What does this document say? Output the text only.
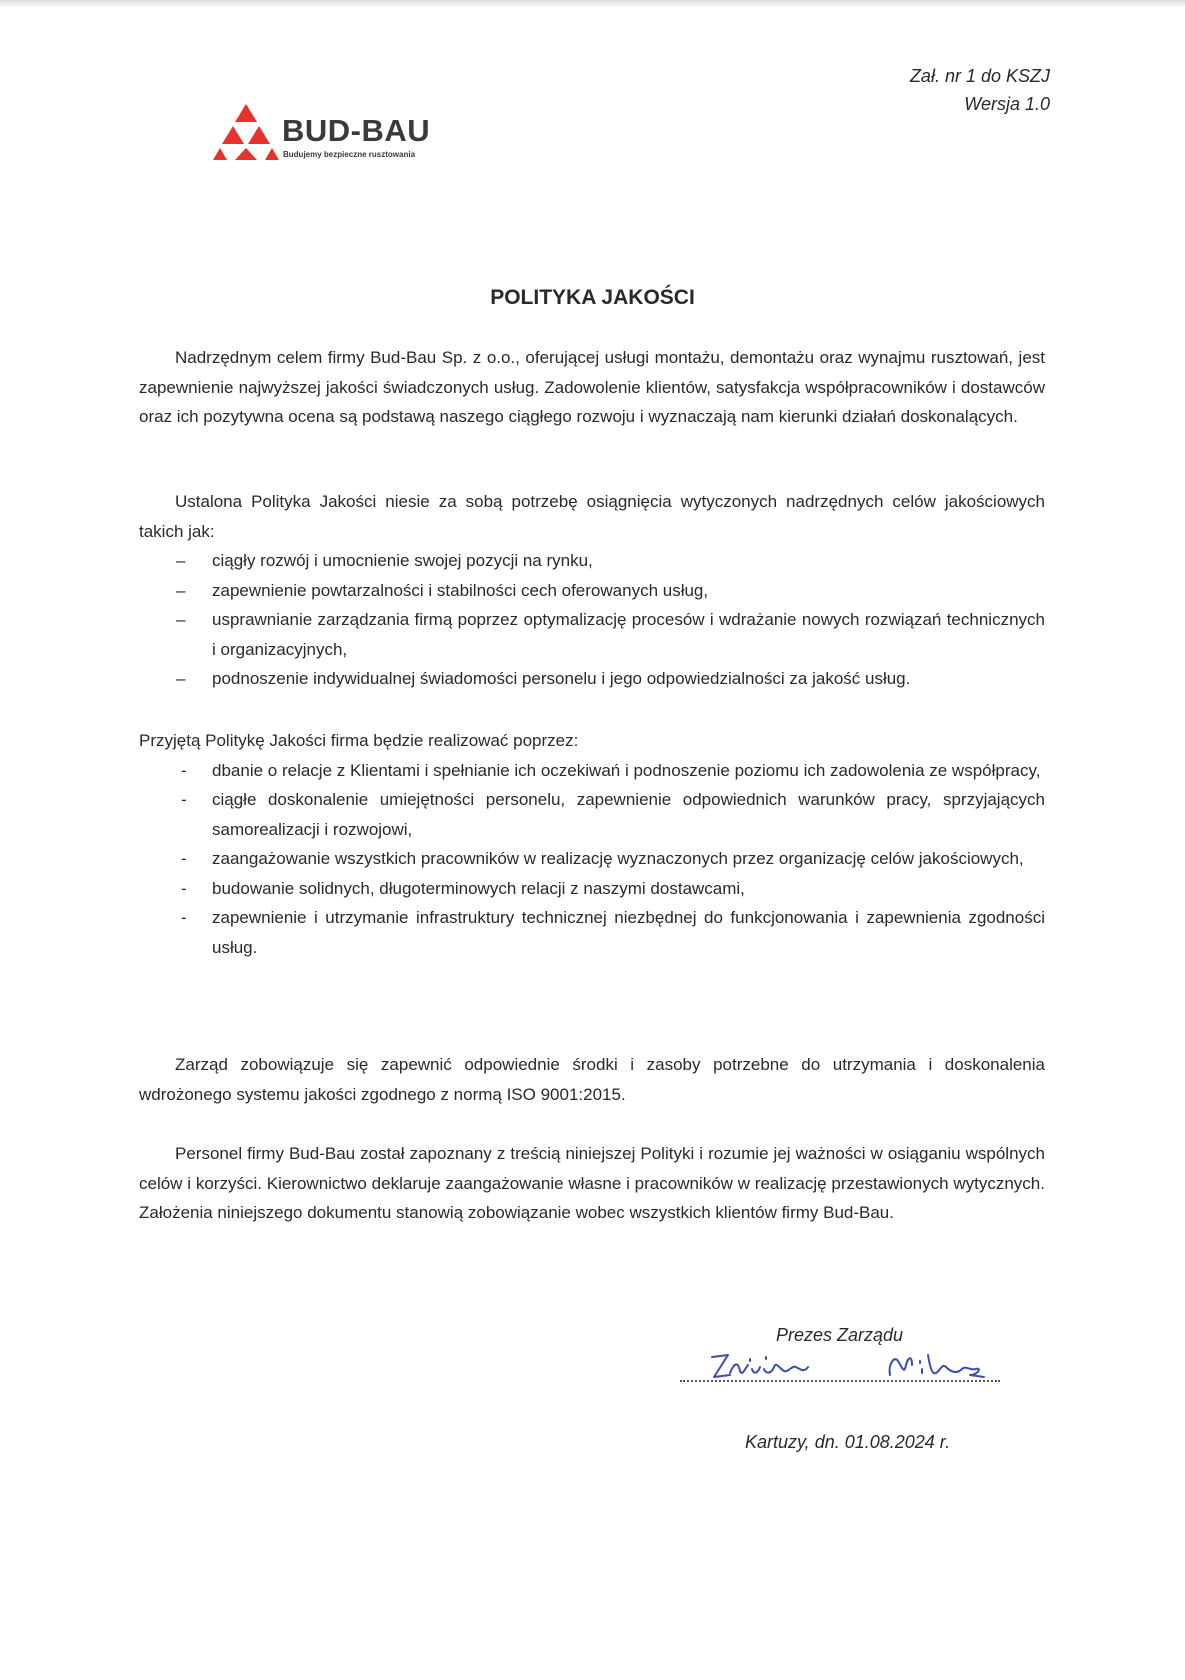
Zał. nr 1 do KSZJ
Wersja 1.0
BUD-BAU
Budujemy bezpieczne rusztowania
POLITYKA JAKOŚCI

Nadrzędnym celem firmy Bud-Bau Sp. z o.o., oferującej usługi montażu, demontażu oraz wynajmu rusztowań, jest zapewnienie najwyższej jakości świadczonych usług. Zadowolenie klientów, satysfakcja współpracowników i dostawców oraz ich pozytywna ocena są podstawą naszego ciągłego rozwoju i wyznaczają nam kierunki działań doskonalących.

Ustalona Polityka Jakości niesie za sobą potrzebę osiągnięcia wytyczonych nadrzędnych celów jakościowych takich jak:

– ciągły rozwój i umocnienie swojej pozycji na rynku,
– zapewnienie powtarzalności i stabilności cech oferowanych usług,
– usprawnianie zarządzania firmą poprzez optymalizację procesów i wdrażanie nowych rozwiązań technicznych i organizacyjnych,
– podnoszenie indywidualnej świadomości personelu i jego odpowiedzialności za jakość usług.

Przyjętą Politykę Jakości firma będzie realizować poprzez:

- dbanie o relacje z Klientami i spełnianie ich oczekiwań i podnoszenie poziomu ich zadowolenia ze współpracy,
- ciągłe doskonalenie umiejętności personelu, zapewnienie odpowiednich warunków pracy, sprzyjających samorealizacji i rozwojowi,
- zaangażowanie wszystkich pracowników w realizację wyznaczonych przez organizację celów jakościowych,
- budowanie solidnych, długoterminowych relacji z naszymi dostawcami,
- zapewnienie i utrzymanie infrastruktury technicznej niezbędnej do funkcjonowania i zapewnienia zgodności usług.

Zarząd zobowiązuje się zapewnić odpowiednie środki i zasoby potrzebne do utrzymania i doskonalenia wdrożonego systemu jakości zgodnego z normą ISO 9001:2015.

Personel firmy Bud-Bau został zapoznany z treścią niniejszej Polityki i rozumie jej ważności w osiąganiu wspólnych celów i korzyści. Kierownictwo deklaruje zaangażowanie własne i pracowników w realizację przestawionych wytycznych. Założenia niniejszego dokumentu stanowią zobowiązanie wobec wszystkich klientów firmy Bud-Bau.

Prezes Zarządu
Kartuzy, dn. 01.08.2024 r.
